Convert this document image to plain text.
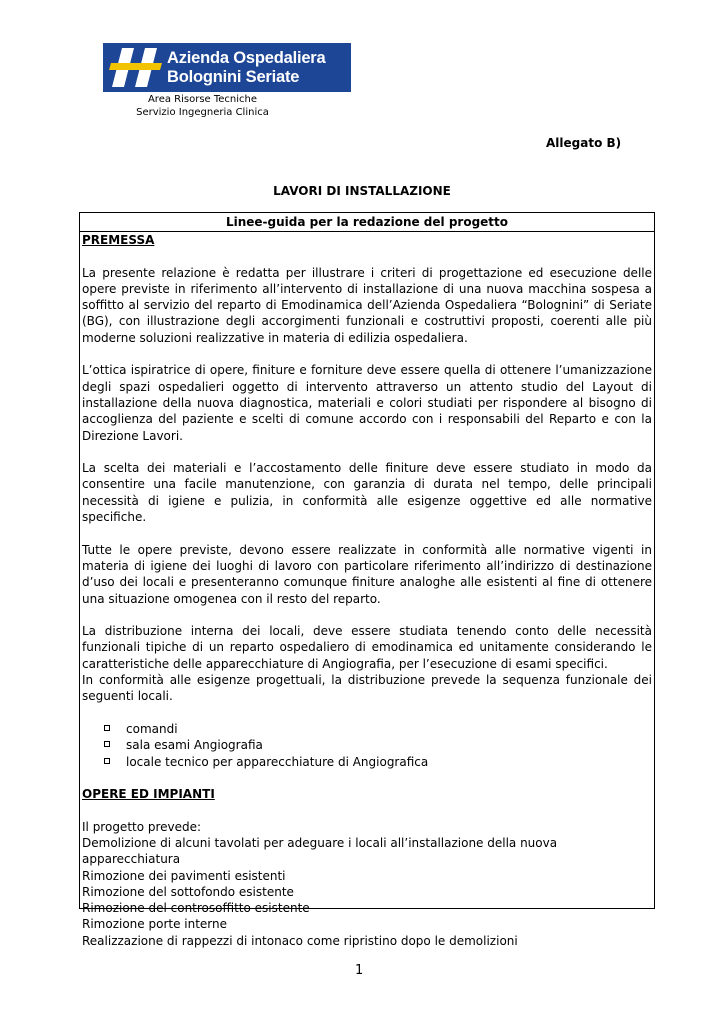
Azienda Ospedaliera
Bolognini Seriate
Area Risorse Tecniche
Servizio Ingegneria Clinica
Allegato B)
LAVORI DI INSTALLAZIONE
Linee-guida per la redazione del progetto
PREMESSA

La presente relazione è redatta per illustrare i criteri di progettazione ed esecuzione delle opere previste in riferimento all’intervento di installazione di una nuova macchina sospesa a soffitto al servizio del reparto di Emodinamica dell’Azienda Ospedaliera “Bolognini” di Seriate (BG), con illustrazione degli accorgimenti funzionali e costruttivi proposti, coerenti alle più moderne soluzioni realizzative in materia di edilizia ospedaliera.

L’ottica ispiratrice di opere, finiture e forniture deve essere quella di ottenere l’umanizzazione degli spazi ospedalieri oggetto di intervento attraverso un attento studio del Layout di installazione della nuova diagnostica, materiali e colori studiati per rispondere al bisogno di accoglienza del paziente e scelti di comune accordo con i responsabili del Reparto e con la Direzione Lavori.

La scelta dei materiali e l’accostamento delle finiture deve essere studiato in modo da consentire una facile manutenzione, con garanzia di durata nel tempo, delle principali necessità di igiene e pulizia, in conformità alle esigenze oggettive ed alle normative specifiche.

Tutte le opere previste, devono essere realizzate in conformità alle normative vigenti in materia di igiene dei luoghi di lavoro con particolare riferimento all’indirizzo di destinazione d’uso dei locali e presenteranno comunque finiture analoghe alle esistenti al fine di ottenere una situazione omogenea con il resto del reparto.

La distribuzione interna dei locali, deve essere studiata tenendo conto delle necessità funzionali tipiche di un reparto ospedaliero di emodinamica ed unitamente considerando le caratteristiche delle apparecchiature di Angiografia, per l’esecuzione di esami specifici.

In conformità alle esigenze progettuali, la distribuzione prevede la sequenza funzionale dei seguenti locali.

comandi
sala esami Angiografia
locale tecnico per apparecchiature di Angiografica
OPERE ED IMPIANTI
Il progetto prevede:
Demolizione di alcuni tavolati per adeguare i locali all’installazione della nuova apparecchiatura
Rimozione dei pavimenti esistenti
Rimozione del sottofondo esistente
Rimozione del controsoffitto esistente
Rimozione porte interne
Realizzazione di rappezzi di intonaco come ripristino dopo le demolizioni
1
